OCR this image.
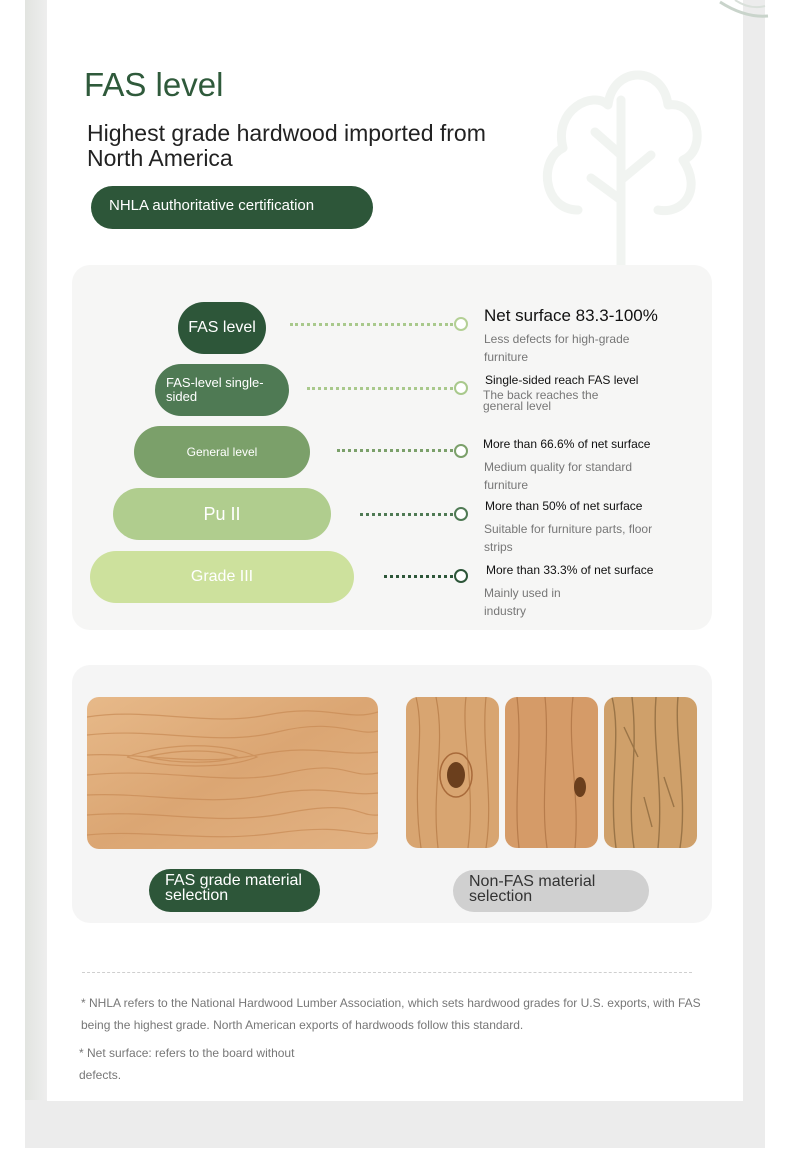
FAS level
Highest grade hardwood imported from North America
NHLA authoritative certification
FAS level
Net surface 83.3-100%
Less defects for high-grade furniture
FAS-level single-sided
Single-sided reach FAS level
The back reaches the general level
General level
More than 66.6% of net surface
Medium quality for standard furniture
Pu II	More than 50% of net surface
Suitable for furniture parts, floor strips
Grade III	More than 33.3% of net surface
Mainly used in industry
FAS grade material selection
Non-FAS material selection
* NHLA refers to the National Hardwood Lumber Association, which sets hardwood grades for U.S. exports, with FAS being the highest grade. North American exports of hardwoods follow this standard.
* Net surface: refers to the board without defects.
